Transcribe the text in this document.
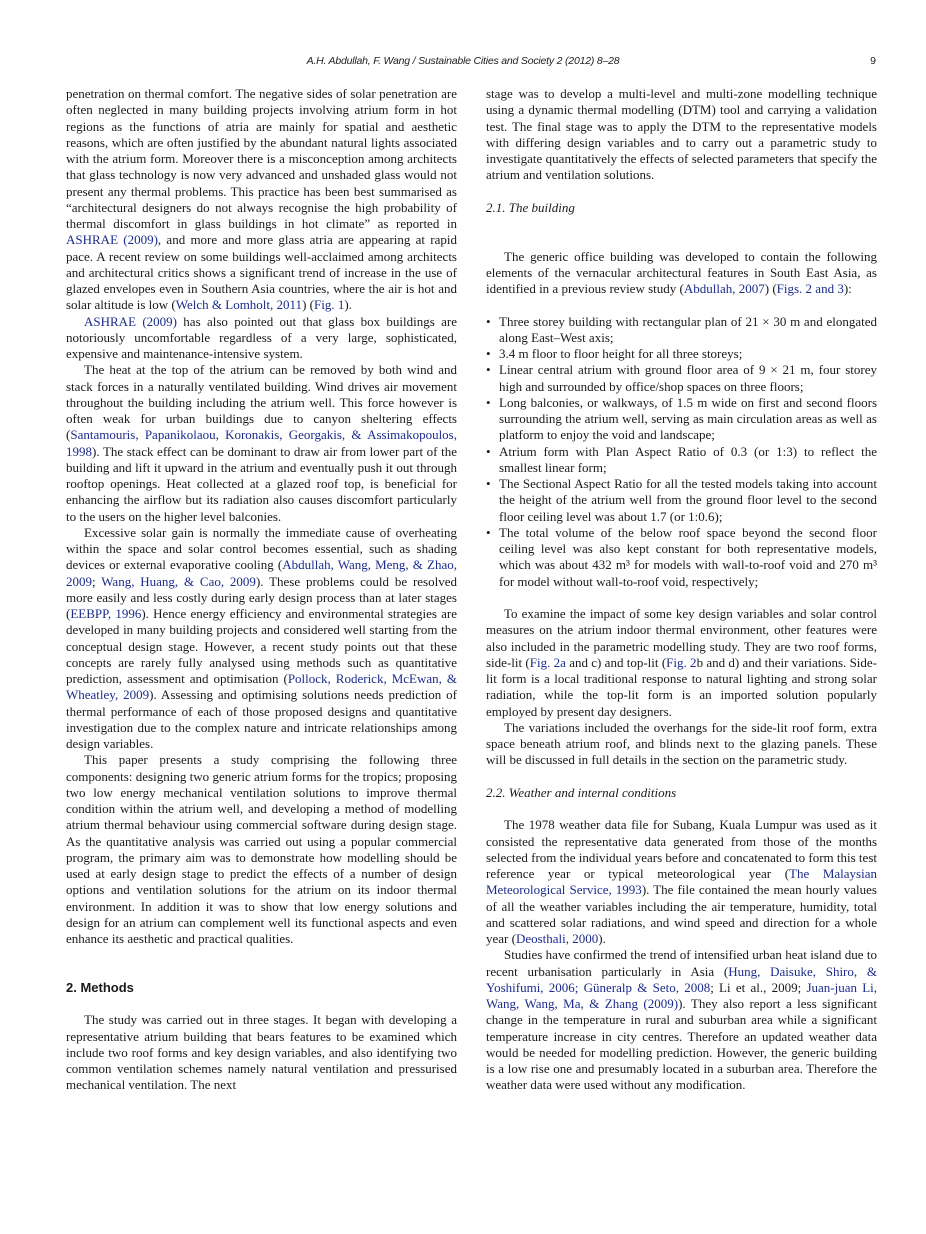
A.H. Abdullah, F. Wang / Sustainable Cities and Society 2 (2012) 8–28	9

penetration on thermal comfort. The negative sides of solar penetration are often neglected in many building projects involving atrium form in hot regions as the functions of atria are mainly for spatial and aesthetic reasons, which are often justified by the abundant natural lights associated with the atrium form. Moreover there is a misconception among architects that glass technology is now very advanced and unshaded glass would not present any thermal problems. This practice has been best summarised as “architectural designers do not always recognise the high probability of thermal discomfort in glass buildings in hot climate” as reported in ASHRAE (2009), and more and more glass atria are appearing at rapid pace. A recent review on some buildings well-acclaimed among architects and architectural critics shows a significant trend of increase in the use of glazed envelopes even in Southern Asia countries, where the air is hot and solar altitude is low (Welch & Lomholt, 2011) (Fig. 1).

ASHRAE (2009) has also pointed out that glass box buildings are notoriously uncomfortable regardless of a very large, sophisticated, expensive and maintenance-intensive system.

The heat at the top of the atrium can be removed by both wind and stack forces in a naturally ventilated building. Wind drives air movement throughout the building including the atrium well. This force however is often weak for urban buildings due to canyon sheltering effects (Santamouris, Papanikolaou, Koronakis, Georgakis, & Assimakopoulos, 1998). The stack effect can be dominant to draw air from lower part of the building and lift it upward in the atrium and eventually push it out through rooftop openings. Heat collected at a glazed roof top, is beneficial for enhancing the airflow but its radiation also causes discomfort particularly to the users on the higher level balconies.

Excessive solar gain is normally the immediate cause of overheating within the space and solar control becomes essential, such as shading devices or external evaporative cooling (Abdullah, Wang, Meng, & Zhao, 2009; Wang, Huang, & Cao, 2009). These problems could be resolved more easily and less costly during early design process than at later stages (EEBPP, 1996). Hence energy efficiency and environmental strategies are developed in many building projects and considered well starting from the conceptual design stage. However, a recent study points out that these concepts are rarely fully analysed using methods such as quantitative prediction, assessment and optimisation (Pollock, Roderick, McEwan, & Wheatley, 2009). Assessing and optimising solutions needs prediction of thermal performance of each of those proposed designs and quantitative investigation due to the complex nature and intricate relationships among design variables.

This paper presents a study comprising the following three components: designing two generic atrium forms for the tropics; proposing two low energy mechanical ventilation solutions to improve thermal condition within the atrium well, and developing a method of modelling atrium thermal behaviour using commercial software during design stage. As the quantitative analysis was carried out using a popular commercial program, the primary aim was to demonstrate how modelling should be used at early design stage to predict the effects of a number of design options and ventilation solutions for the atrium on its indoor thermal environment. In addition it was to show that low energy solutions and design for an atrium can complement well its functional aspects and even enhance its aesthetic and practical qualities.

2. Methods

The study was carried out in three stages. It began with developing a representative atrium building that bears features to be examined which include two roof forms and key design variables, and also identifying two common ventilation schemes namely natural ventilation and pressurised mechanical ventilation. The next

stage was to develop a multi-level and multi-zone modelling technique using a dynamic thermal modelling (DTM) tool and carrying a validation test. The final stage was to apply the DTM to the representative models with differing design variables and to carry out a parametric study to investigate quantitatively the effects of selected parameters that specify the atrium and ventilation solutions.

2.1. The building

The generic office building was developed to contain the following elements of the vernacular architectural features in South East Asia, as identified in a previous review study (Abdullah, 2007) (Figs. 2 and 3):

• Three storey building with rectangular plan of 21 × 30 m and elongated along East–West axis;
• 3.4 m floor to floor height for all three storeys;
• Linear central atrium with ground floor area of 9 × 21 m, four storey high and surrounded by office/shop spaces on three floors;
• Long balconies, or walkways, of 1.5 m wide on first and second floors surrounding the atrium well, serving as main circulation areas as well as platform to enjoy the void and landscape;
• Atrium form with Plan Aspect Ratio of 0.3 (or 1:3) to reflect the smallest linear form;
• The Sectional Aspect Ratio for all the tested models taking into account the height of the atrium well from the ground floor level to the second floor ceiling level was about 1.7 (or 1:0.6);
• The total volume of the below roof space beyond the second floor ceiling level was also kept constant for both representative models, which was about 432 m³ for models with wall-to-roof void and 270 m³ for model without wall-to-roof void, respectively;

To examine the impact of some key design variables and solar control measures on the atrium indoor thermal environment, other features were also included in the parametric modelling study. They are two roof forms, side-lit (Fig. 2a and c) and top-lit (Fig. 2b and d) and their variations. Side-lit form is a local traditional response to natural lighting and strong solar radiation, while the top-lit form is an imported solution popularly employed by present day designers.

The variations included the overhangs for the side-lit roof form, extra space beneath atrium roof, and blinds next to the glazing panels. These will be discussed in full details in the section on the parametric study.

2.2. Weather and internal conditions

The 1978 weather data file for Subang, Kuala Lumpur was used as it consisted the representative data generated from those of the months selected from the individual years before and concatenated to form this test reference year or typical meteorological year (The Malaysian Meteorological Service, 1993). The file contained the mean hourly values of all the weather variables including the air temperature, humidity, total and scattered solar radiations, and wind speed and direction for a whole year (Deosthali, 2000).

Studies have confirmed the trend of intensified urban heat island due to recent urbanisation particularly in Asia (Hung, Daisuke, Shiro, & Yoshifumi, 2006; Güneralp & Seto, 2008; Li et al., 2009; Juan-juan Li, Wang, Wang, Ma, & Zhang (2009)). They also report a less significant change in the temperature in rural and suburban area while a significant temperature increase in city centres. Therefore an updated weather data would be needed for modelling prediction. However, the generic building is a low rise one and presumably located in a suburban area. Therefore the weather data were used without any modification.
